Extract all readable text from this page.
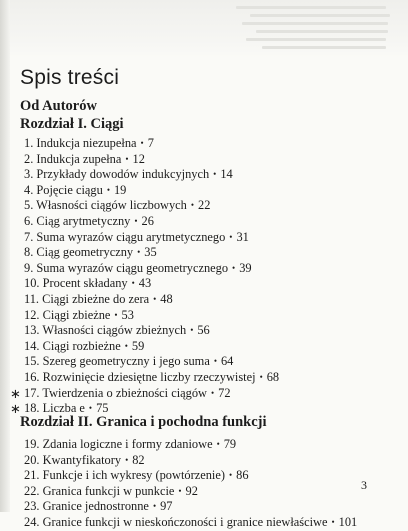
Spis treści
Od Autorów
Rozdział I. Ciągi
1. Indukcja niezupełna • 7
2. Indukcja zupełna • 12
3. Przykłady dowodów indukcyjnych • 14
4. Pojęcie ciągu • 19
5. Własności ciągów liczbowych • 22
6. Ciąg arytmetyczny • 26
7. Suma wyrazów ciągu arytmetycznego • 31
8. Ciąg geometryczny • 35
9. Suma wyrazów ciągu geometrycznego • 39
10. Procent składany • 43
11. Ciągi zbieżne do zera • 48
12. Ciągi zbieżne • 53
13. Własności ciągów zbieżnych • 56
14. Ciągi rozbieżne • 59
15. Szereg geometryczny i jego suma • 64
16. Rozwinięcie dziesiętne liczby rzeczywistej • 68
∗ 17. Twierdzenia o zbieżności ciągów • 72
∗ 18. Liczba e • 75
Rozdział II. Granica i pochodna funkcji
19. Zdania logiczne i formy zdaniowe • 79
20. Kwantyfikatory • 82
21. Funkcje i ich wykresy (powtórzenie) • 86
22. Granica funkcji w punkcie • 92
23. Granice jednostronne • 97
24. Granice funkcji w nieskończoności i granice niewłaściwe • 101
3
